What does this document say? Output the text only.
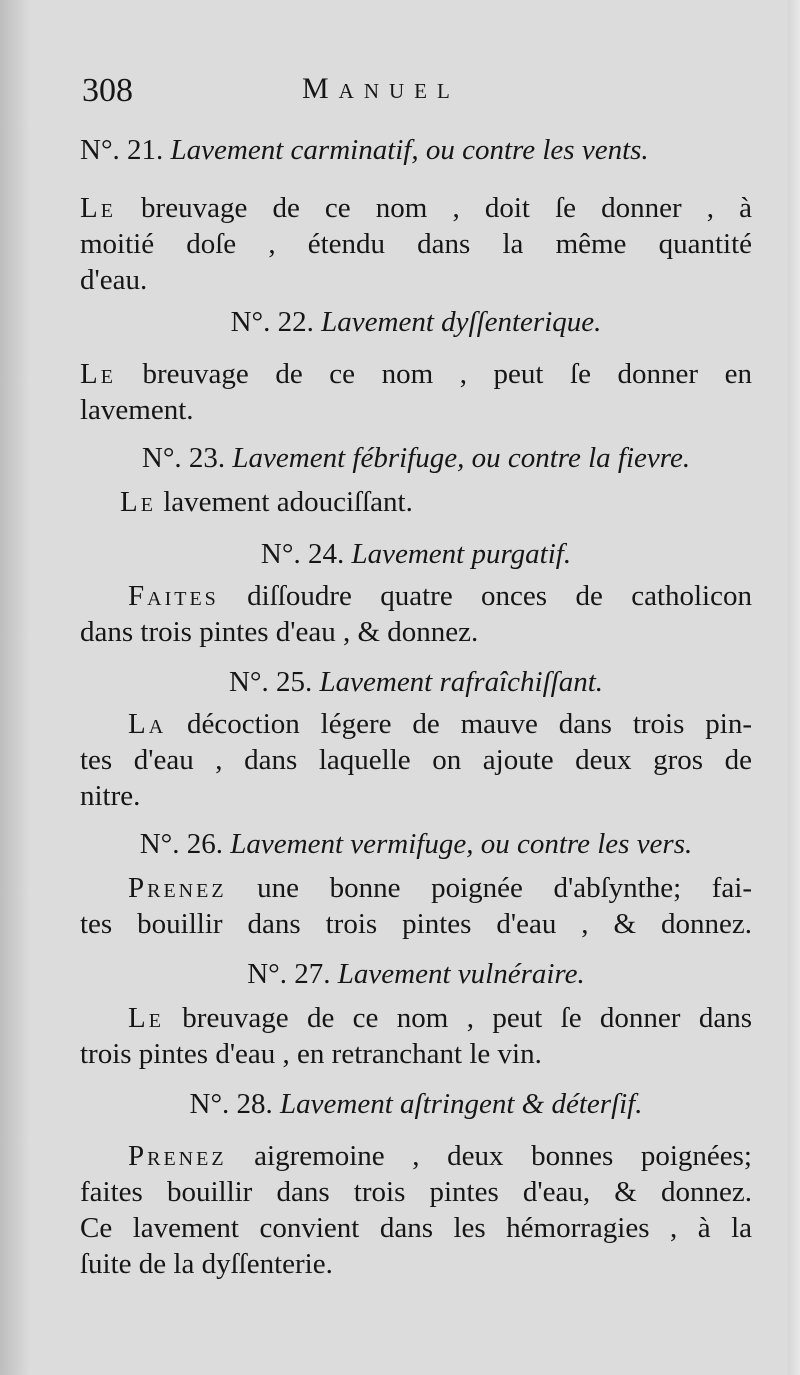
308	Manuel
N°. 21. Lavement carminatif, ou contre les vents.
Le breuvage de ce nom , doit ſe donner , à
moitié doſe , étendu dans la même quantité
d'eau.
N°. 22. Lavement dyſſenterique.
Le breuvage de ce nom , peut ſe donner en
lavement.
N°. 23. Lavement fébrifuge, ou contre la fievre.
Le lavement adouciſſant.
N°. 24. Lavement purgatif.
Faites diſſoudre quatre onces de catholicon
dans trois pintes d'eau , & donnez.
N°. 25. Lavement rafraîchiſſant.
La décoction légere de mauve dans trois pin-
tes d'eau , dans laquelle on ajoute deux gros de
nitre.
N°. 26. Lavement vermifuge, ou contre les vers.
Prenez une bonne poignée d'abſynthe; fai-
tes bouillir dans trois pintes d'eau , & donnez.
N°. 27. Lavement vulnéraire.
Le breuvage de ce nom , peut ſe donner dans
trois pintes d'eau , en retranchant le vin.
N°. 28. Lavement aſtringent & déterſif.
Prenez aigremoine , deux bonnes poignées;
faites bouillir dans trois pintes d'eau, & donnez.
Ce lavement convient dans les hémorragies , à la
ſuite de la dyſſenterie.
